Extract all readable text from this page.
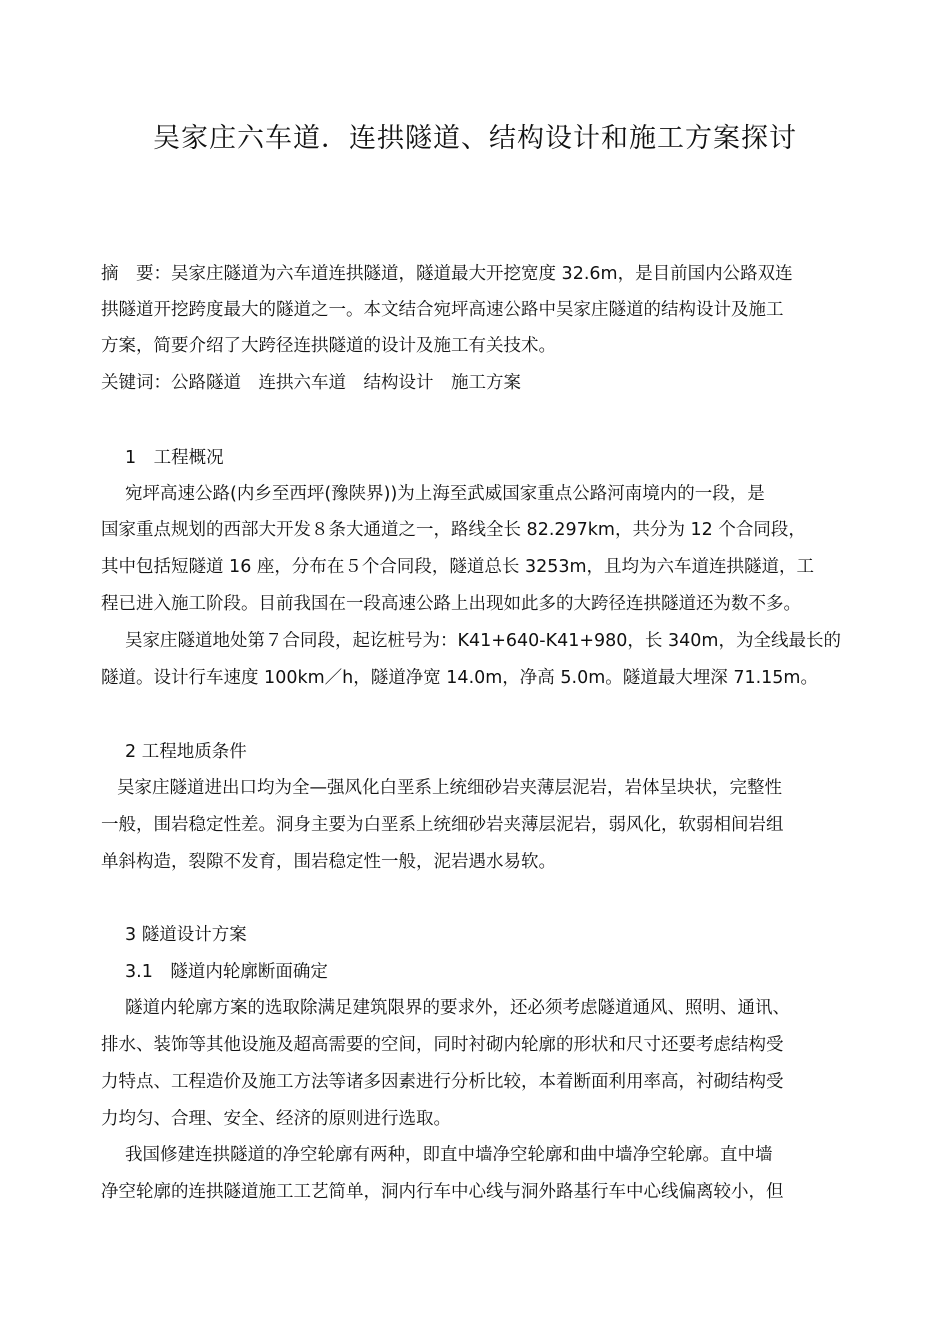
吴家庄六车道．连拱隧道、结构设计和施工方案探讨
摘　要：吴家庄隧道为六车道连拱隧道，隧道最大开挖宽度 32.6m，是目前国内公路双连
拱隧道开挖跨度最大的隧道之一。本文结合宛坪高速公路中吴家庄隧道的结构设计及施工
方案，简要介绍了大跨径连拱隧道的设计及施工有关技术。
关键词：公路隧道　连拱六车道　结构设计　施工方案
1　工程概况
宛坪高速公路(内乡至西坪(豫陕界))为上海至武威国家重点公路河南境内的一段，是
国家重点规划的西部大开发８条大通道之一，路线全长 82.297km，共分为 12 个合同段，
其中包括短隧道 16 座，分布在５个合同段，隧道总长 3253m，且均为六车道连拱隧道，工
程已进入施工阶段。目前我国在一段高速公路上出现如此多的大跨径连拱隧道还为数不多。
吴家庄隧道地处第７合同段，起讫桩号为：K41+640-K41+980，长 340m，为全线最长的
隧道。设计行车速度 100km／h，隧道净宽 14.0m，净高 5.0m。隧道最大埋深 71.15m。
2 工程地质条件
吴家庄隧道进出口均为全—强风化白垩系上统细砂岩夹薄层泥岩，岩体呈块状，完整性
一般，围岩稳定性差。洞身主要为白垩系上统细砂岩夹薄层泥岩，弱风化，软弱相间岩组
单斜构造，裂隙不发育，围岩稳定性一般，泥岩遇水易软。
3 隧道设计方案
3.1　隧道内轮廓断面确定
隧道内轮廓方案的选取除满足建筑限界的要求外，还必须考虑隧道通风、照明、通讯、
排水、装饰等其他设施及超高需要的空间，同时衬砌内轮廓的形状和尺寸还要考虑结构受
力特点、工程造价及施工方法等诸多因素进行分析比较，本着断面利用率高，衬砌结构受
力均匀、合理、安全、经济的原则进行选取。
我国修建连拱隧道的净空轮廓有两种，即直中墙净空轮廓和曲中墙净空轮廓。直中墙
净空轮廓的连拱隧道施工工艺简单，洞内行车中心线与洞外路基行车中心线偏离较小，但
